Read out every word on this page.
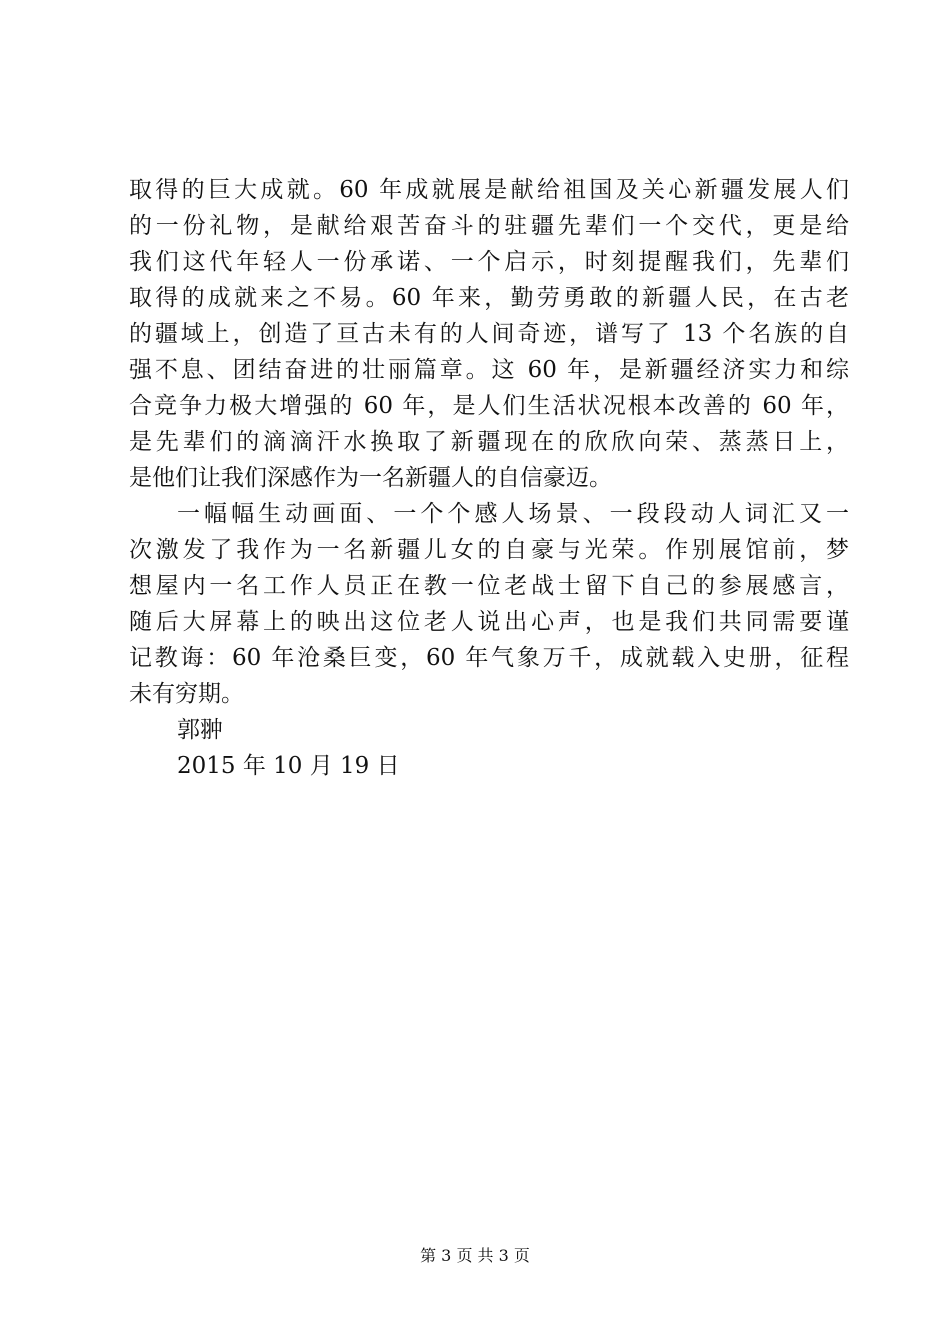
取得的巨大成就。60 年成就展是献给祖国及关心新疆发展人们
的一份礼物，是献给艰苦奋斗的驻疆先辈们一个交代，更是给
我们这代年轻人一份承诺、一个启示，时刻提醒我们，先辈们
取得的成就来之不易。60 年来，勤劳勇敢的新疆人民，在古老
的疆域上，创造了亘古未有的人间奇迹，谱写了 13 个名族的自
强不息、团结奋进的壮丽篇章。这 60 年，是新疆经济实力和综
合竞争力极大增强的 60 年，是人们生活状况根本改善的 60 年，
是先辈们的滴滴汗水换取了新疆现在的欣欣向荣、蒸蒸日上，
是他们让我们深感作为一名新疆人的自信豪迈。
一幅幅生动画面、一个个感人场景、一段段动人词汇又一
次激发了我作为一名新疆儿女的自豪与光荣。作别展馆前，梦
想屋内一名工作人员正在教一位老战士留下自己的参展感言，
随后大屏幕上的映出这位老人说出心声，也是我们共同需要谨
记教诲：60 年沧桑巨变，60 年气象万千，成就载入史册，征程
未有穷期。
郭翀
2015 年 10 月 19 日
第 3 页 共 3 页
